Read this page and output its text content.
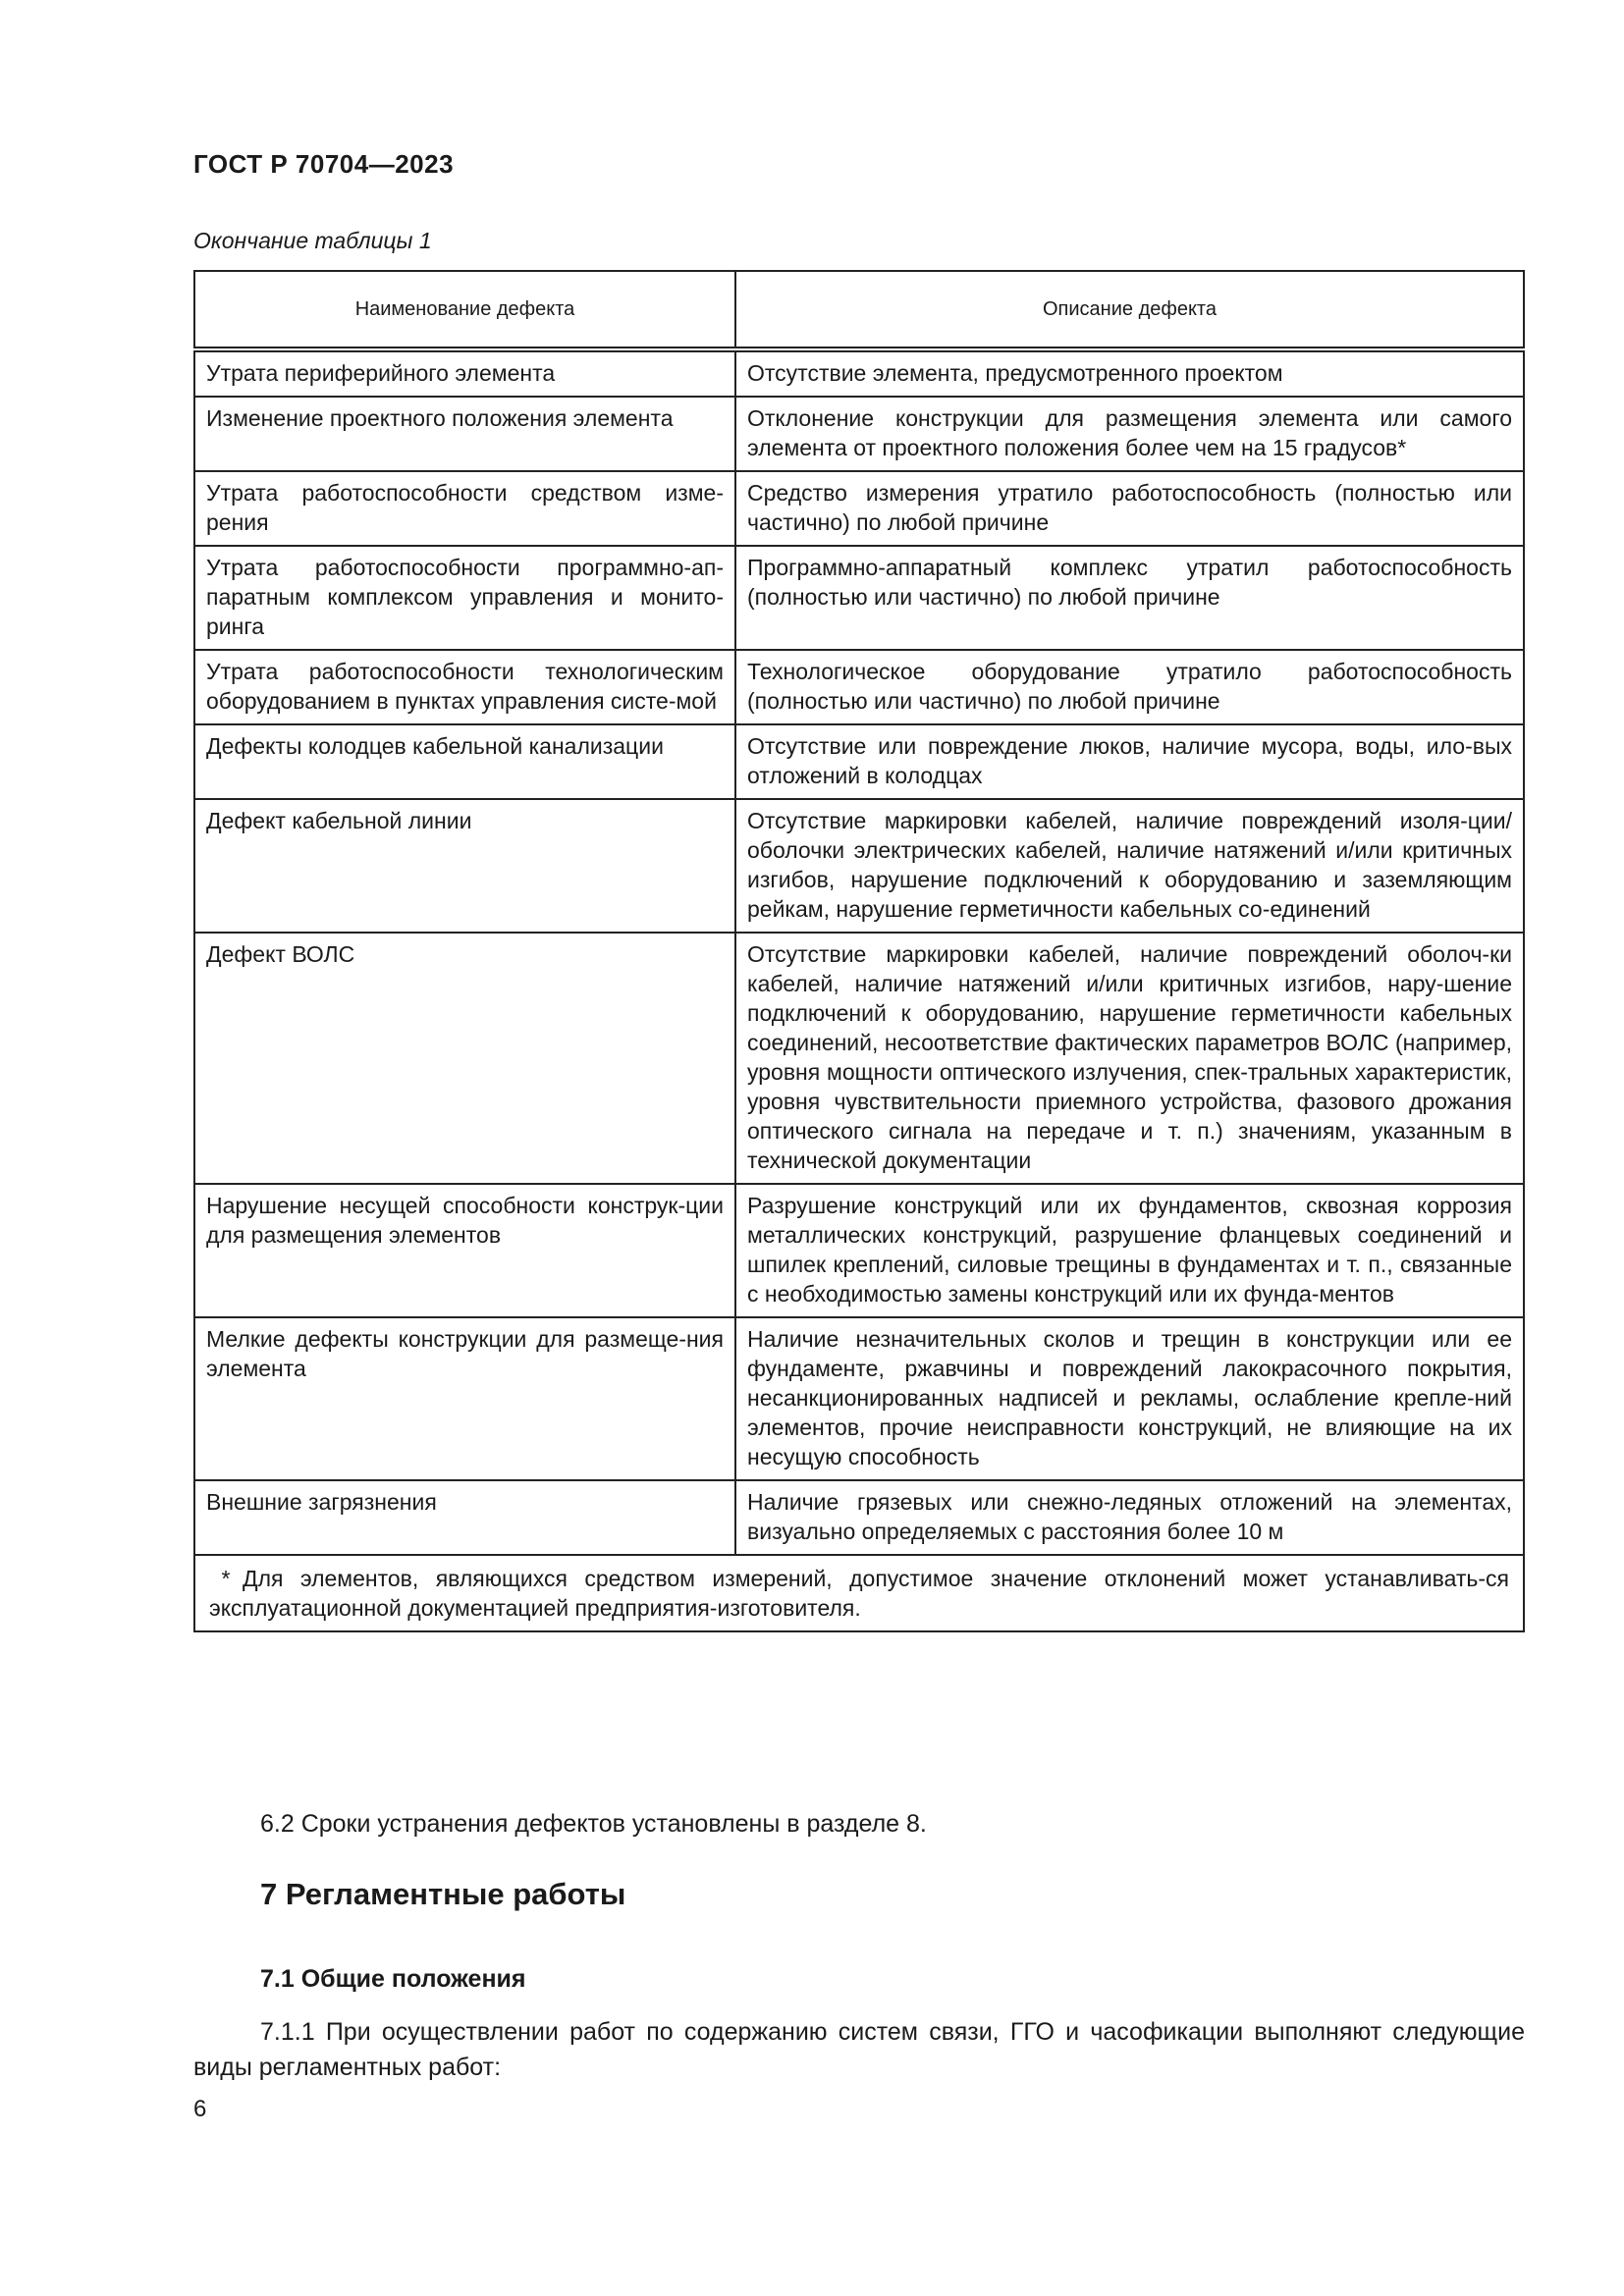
ГОСТ Р 70704—2023
Окончание таблицы 1
Наименование дефекта	Описание дефекта
Утрата периферийного элемента	Отсутствие элемента, предусмотренного проектом
Изменение проектного положения элемента	Отклонение конструкции для размещения элемента или самого элемента от проектного положения более чем на 15 градусов*
Утрата работоспособности средством изме-рения	Средство измерения утратило работоспособность (полностью или частично) по любой причине
Утрата работоспособности программно-ап-паратным комплексом управления и монито-ринга	Программно-аппаратный комплекс утратил работоспособность (полностью или частично) по любой причине
Утрата работоспособности технологическим оборудованием в пунктах управления систе-мой	Технологическое оборудование утратило работоспособность (полностью или частично) по любой причине
Дефекты колодцев кабельной канализации	Отсутствие или повреждение люков, наличие мусора, воды, ило-вых отложений в колодцах
Дефект кабельной линии	Отсутствие маркировки кабелей, наличие повреждений изоля-ции/оболочки электрических кабелей, наличие натяжений и/или критичных изгибов, нарушение подключений к оборудованию и заземляющим рейкам, нарушение герметичности кабельных со-единений
Дефект ВОЛС	Отсутствие маркировки кабелей, наличие повреждений оболоч-ки кабелей, наличие натяжений и/или критичных изгибов, нару-шение подключений к оборудованию, нарушение герметичности кабельных соединений, несоответствие фактических параметров ВОЛС (например, уровня мощности оптического излучения, спек-тральных характеристик, уровня чувствительности приемного устройства, фазового дрожания оптического сигнала на передаче и т. п.) значениям, указанным в технической документации
Нарушение несущей способности конструк-ции для размещения элементов	Разрушение конструкций или их фундаментов, сквозная коррозия металлических конструкций, разрушение фланцевых соединений и шпилек креплений, силовые трещины в фундаментах и т. п., связанные с необходимостью замены конструкций или их фунда-ментов
Мелкие дефекты конструкции для размеще-ния элемента	Наличие незначительных сколов и трещин в конструкции или ее фундаменте, ржавчины и повреждений лакокрасочного покрытия, несанкционированных надписей и рекламы, ослабление крепле-ний элементов, прочие неисправности конструкций, не влияющие на их несущую способность
Внешние загрязнения	Наличие грязевых или снежно-ледяных отложений на элементах, визуально определяемых с расстояния более 10 м
* Для элементов, являющихся средством измерений, допустимое значение отклонений может устанавливать-ся эксплуатационной документацией предприятия-изготовителя.	
6.2 Сроки устранения дефектов установлены в разделе 8.
7 Регламентные работы
7.1 Общие положения
7.1.1 При осуществлении работ по содержанию систем связи, ГГО и часофикации выполняют следующие виды регламентных работ:
6
